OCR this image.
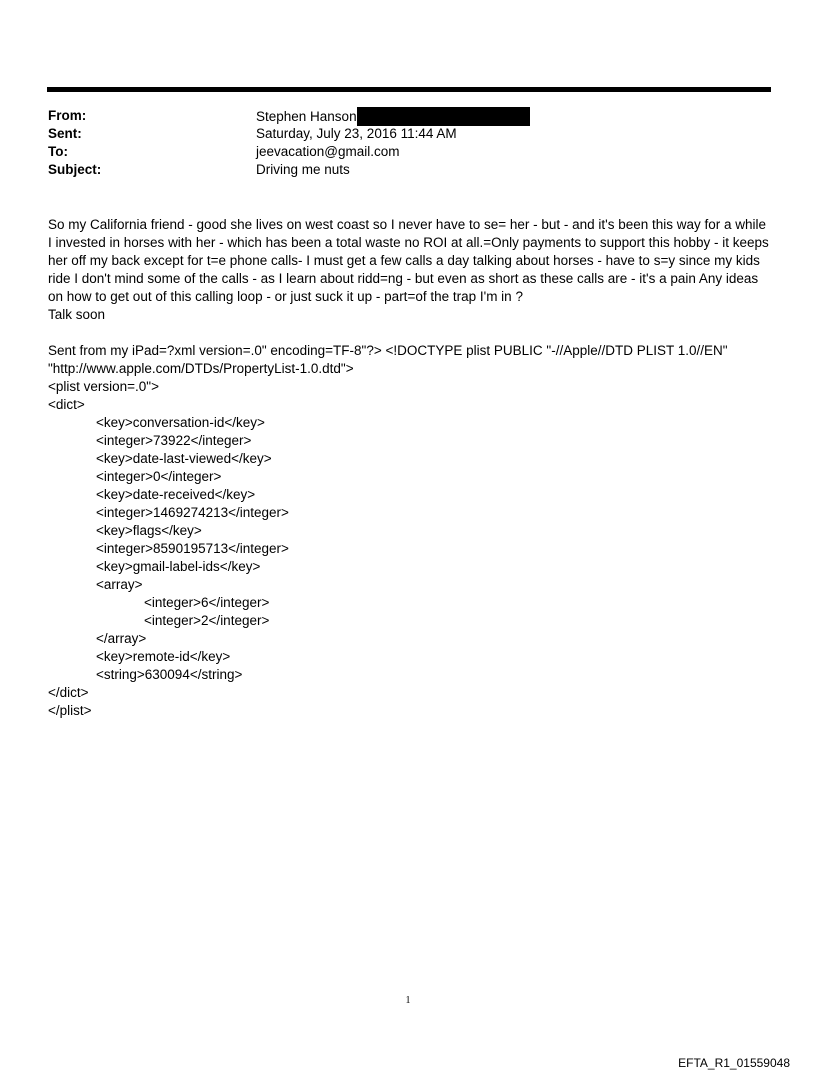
From:	Stephen Hanson
Sent:	Saturday, July 23, 2016 11:44 AM
To:	jeevacation@gmail.com
Subject:	Driving me nuts

So my California friend - good she lives on west coast so I never have to se= her - but - and it's been this way for a while I invested in horses with her - which has been a total waste no ROI at all.=Only payments to support this hobby - it keeps her off my back except for t=e phone calls- I must get a few calls a day talking about horses - have to s=y since my kids ride I don't mind some of the calls - as I learn about ridd=ng - but even as short as these calls are - it's a pain Any ideas on how to get out of this calling loop - or just suck it up - part=of the trap I'm in ?

Talk soon

Sent from my iPad=?xml version=.0" encoding=TF-8"?> <!DOCTYPE plist PUBLIC "-//Apple//DTD PLIST 1.0//EN" "http://www.apple.com/DTDs/PropertyList-1.0.dtd">

<plist version=.0">
<dict>
<key>conversation-id</key>
<integer>73922</integer>
<key>date-last-viewed</key>
<integer>0</integer>
<key>date-received</key>
<integer>1469274213</integer>
<key>flags</key>
<integer>8590195713</integer>
<key>gmail-label-ids</key>
<array>
<integer>6</integer>
<integer>2</integer>
</array>
<key>remote-id</key>
<string>630094</string>
</dict>
</plist>
1
EFTA_R1_01559048
